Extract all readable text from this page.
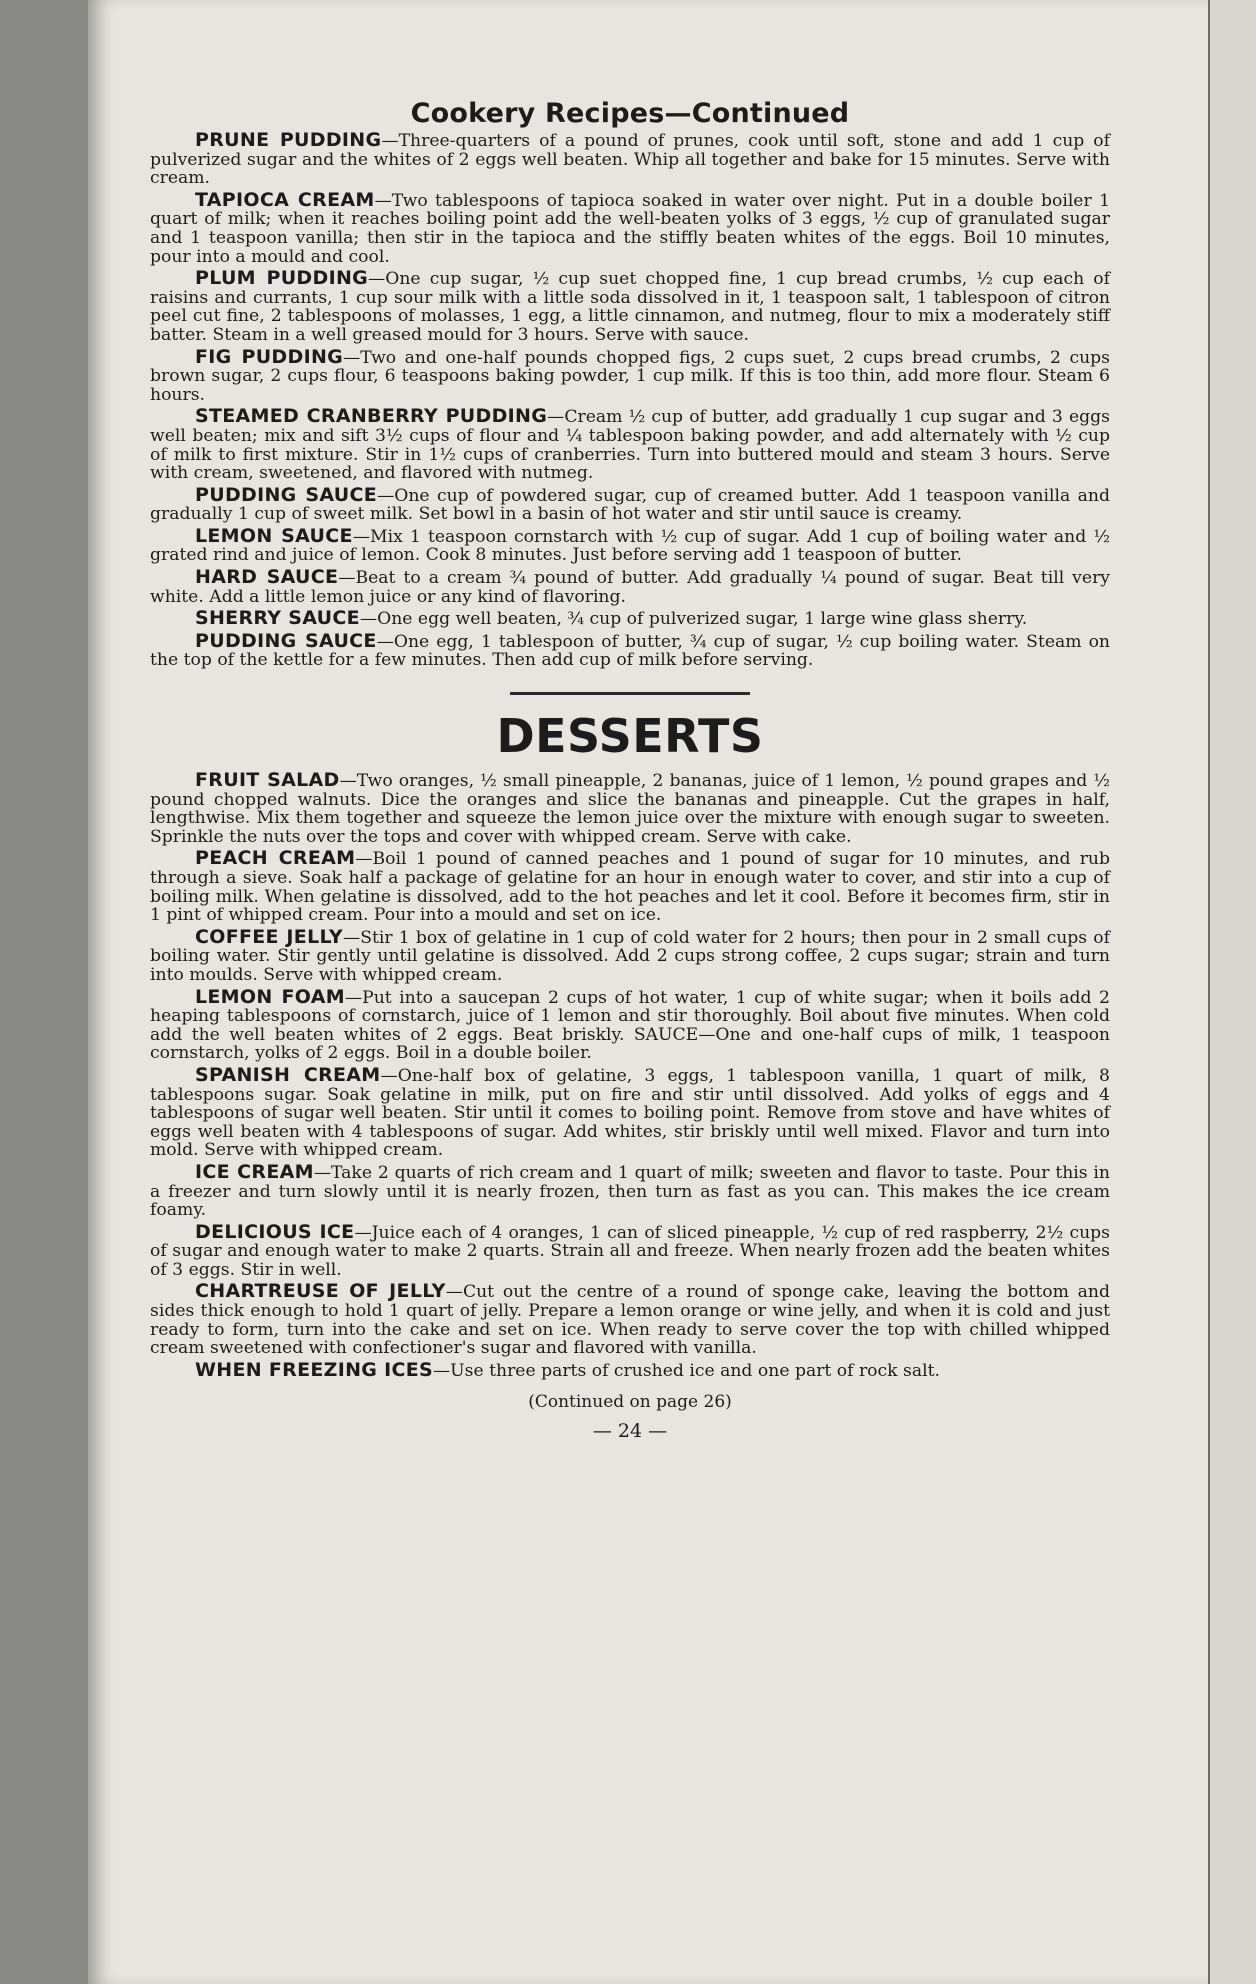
Cookery Recipes—Continued

PRUNE PUDDING—Three-quarters of a pound of prunes, cook until soft, stone and add 1 cup of pulverized sugar and the whites of 2 eggs well beaten. Whip all together and bake for 15 minutes. Serve with cream.

TAPIOCA CREAM—Two tablespoons of tapioca soaked in water over night. Put in a double boiler 1 quart of milk; when it reaches boiling point add the well-beaten yolks of 3 eggs, ½ cup of granulated sugar and 1 teaspoon vanilla; then stir in the tapioca and the stiffly beaten whites of the eggs. Boil 10 minutes, pour into a mould and cool.

PLUM PUDDING—One cup sugar, ½ cup suet chopped fine, 1 cup bread crumbs, ½ cup each of raisins and currants, 1 cup sour milk with a little soda dissolved in it, 1 teaspoon salt, 1 tablespoon of citron peel cut fine, 2 tablespoons of molasses, 1 egg, a little cinnamon, and nutmeg, flour to mix a moderately stiff batter. Steam in a well greased mould for 3 hours. Serve with sauce.

FIG PUDDING—Two and one-half pounds chopped figs, 2 cups suet, 2 cups bread crumbs, 2 cups brown sugar, 2 cups flour, 6 teaspoons baking powder, 1 cup milk. If this is too thin, add more flour. Steam 6 hours.

STEAMED CRANBERRY PUDDING—Cream ½ cup of butter, add gradually 1 cup sugar and 3 eggs well beaten; mix and sift 3½ cups of flour and ¼ tablespoon baking powder, and add alternately with ½ cup of milk to first mixture. Stir in 1½ cups of cranberries. Turn into buttered mould and steam 3 hours. Serve with cream, sweetened, and flavored with nutmeg.

PUDDING SAUCE—One cup of powdered sugar, cup of creamed butter. Add 1 teaspoon vanilla and gradually 1 cup of sweet milk. Set bowl in a basin of hot water and stir until sauce is creamy.

LEMON SAUCE—Mix 1 teaspoon cornstarch with ½ cup of sugar. Add 1 cup of boiling water and ½ grated rind and juice of lemon. Cook 8 minutes. Just before serving add 1 teaspoon of butter.

HARD SAUCE—Beat to a cream ¾ pound of butter. Add gradually ¼ pound of sugar. Beat till very white. Add a little lemon juice or any kind of flavoring.

SHERRY SAUCE—One egg well beaten, ¾ cup of pulverized sugar, 1 large wine glass sherry.

PUDDING SAUCE—One egg, 1 tablespoon of butter, ¾ cup of sugar, ½ cup boiling water. Steam on the top of the kettle for a few minutes. Then add cup of milk before serving.

DESSERTS

FRUIT SALAD—Two oranges, ½ small pineapple, 2 bananas, juice of 1 lemon, ½ pound grapes and ½ pound chopped walnuts. Dice the oranges and slice the bananas and pineapple. Cut the grapes in half, lengthwise. Mix them together and squeeze the lemon juice over the mixture with enough sugar to sweeten. Sprinkle the nuts over the tops and cover with whipped cream. Serve with cake.

PEACH CREAM—Boil 1 pound of canned peaches and 1 pound of sugar for 10 minutes, and rub through a sieve. Soak half a package of gelatine for an hour in enough water to cover, and stir into a cup of boiling milk. When gelatine is dissolved, add to the hot peaches and let it cool. Before it becomes firm, stir in 1 pint of whipped cream. Pour into a mould and set on ice.

COFFEE JELLY—Stir 1 box of gelatine in 1 cup of cold water for 2 hours; then pour in 2 small cups of boiling water. Stir gently until gelatine is dissolved. Add 2 cups strong coffee, 2 cups sugar; strain and turn into moulds. Serve with whipped cream.

LEMON FOAM—Put into a saucepan 2 cups of hot water, 1 cup of white sugar; when it boils add 2 heaping tablespoons of cornstarch, juice of 1 lemon and stir thoroughly. Boil about five minutes. When cold add the well beaten whites of 2 eggs. Beat briskly. SAUCE—One and one-half cups of milk, 1 teaspoon cornstarch, yolks of 2 eggs. Boil in a double boiler.

SPANISH CREAM—One-half box of gelatine, 3 eggs, 1 tablespoon vanilla, 1 quart of milk, 8 tablespoons sugar. Soak gelatine in milk, put on fire and stir until dissolved. Add yolks of eggs and 4 tablespoons of sugar well beaten. Stir until it comes to boiling point. Remove from stove and have whites of eggs well beaten with 4 tablespoons of sugar. Add whites, stir briskly until well mixed. Flavor and turn into mold. Serve with whipped cream.

ICE CREAM—Take 2 quarts of rich cream and 1 quart of milk; sweeten and flavor to taste. Pour this in a freezer and turn slowly until it is nearly frozen, then turn as fast as you can. This makes the ice cream foamy.

DELICIOUS ICE—Juice each of 4 oranges, 1 can of sliced pineapple, ½ cup of red raspberry, 2½ cups of sugar and enough water to make 2 quarts. Strain all and freeze. When nearly frozen add the beaten whites of 3 eggs. Stir in well.

CHARTREUSE OF JELLY—Cut out the centre of a round of sponge cake, leaving the bottom and sides thick enough to hold 1 quart of jelly. Prepare a lemon orange or wine jelly, and when it is cold and just ready to form, turn into the cake and set on ice. When ready to serve cover the top with chilled whipped cream sweetened with confectioner's sugar and flavored with vanilla.

WHEN FREEZING ICES—Use three parts of crushed ice and one part of rock salt.

(Continued on page 26)
— 24 —
